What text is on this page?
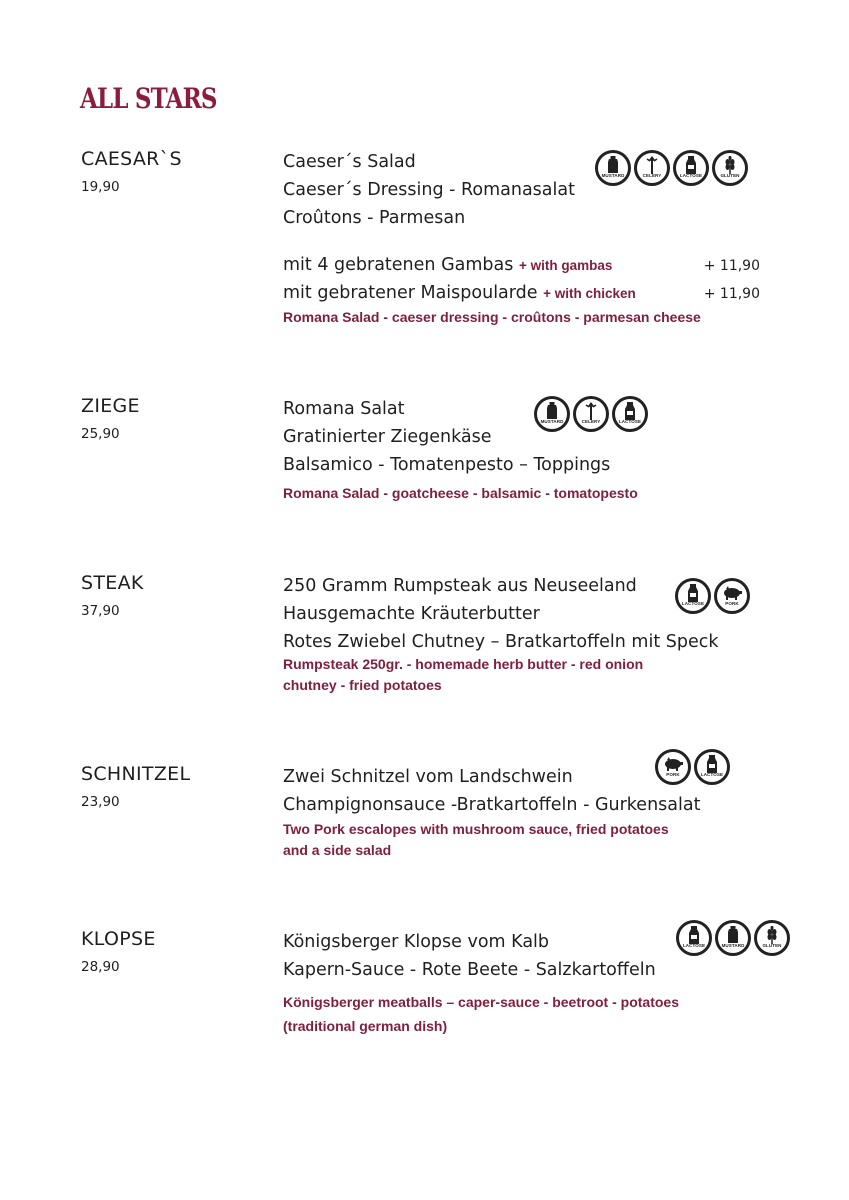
ALL STARS
CAESAR`S
19,90
Caeser´s Salad
Caeser´s Dressing - Romanasalat
Croûtons - Parmesan
mit 4 gebratenen Gambas + with gambas	+ 11,90
mit gebratener Maispoularde + with chicken	+ 11,90
Romana Salad - caeser dressing - croûtons - parmesan cheese
MUSTARD	CELERY	LACTOSE	GLUTEN
ZIEGE
25,90
Romana Salat
Gratinierter Ziegenkäse
Balsamico - Tomatenpesto – Toppings
Romana Salad - goatcheese - balsamic - tomatopesto
MUSTARD	CELERY	LACTOSE
STEAK
37,90
250 Gramm Rumpsteak aus Neuseeland
Hausgemachte Kräuterbutter
Rotes Zwiebel Chutney – Bratkartoffeln mit Speck
Rumpsteak 250gr. - homemade herb butter - red onion
chutney - fried potatoes
LACTOSE	PORK
SCHNITZEL
23,90
Zwei Schnitzel vom Landschwein
Champignonsauce -Bratkartoffeln - Gurkensalat
Two Pork escalopes with mushroom sauce, fried potatoes
and a side salad
PORK	LACTOSE
KLOPSE
28,90
Königsberger Klopse vom Kalb
Kapern-Sauce - Rote Beete - Salzkartoffeln
Königsberger meatballs – caper-sauce - beetroot - potatoes
(traditional german dish)
LACTOSE	MUSTARD	GLUTEN
